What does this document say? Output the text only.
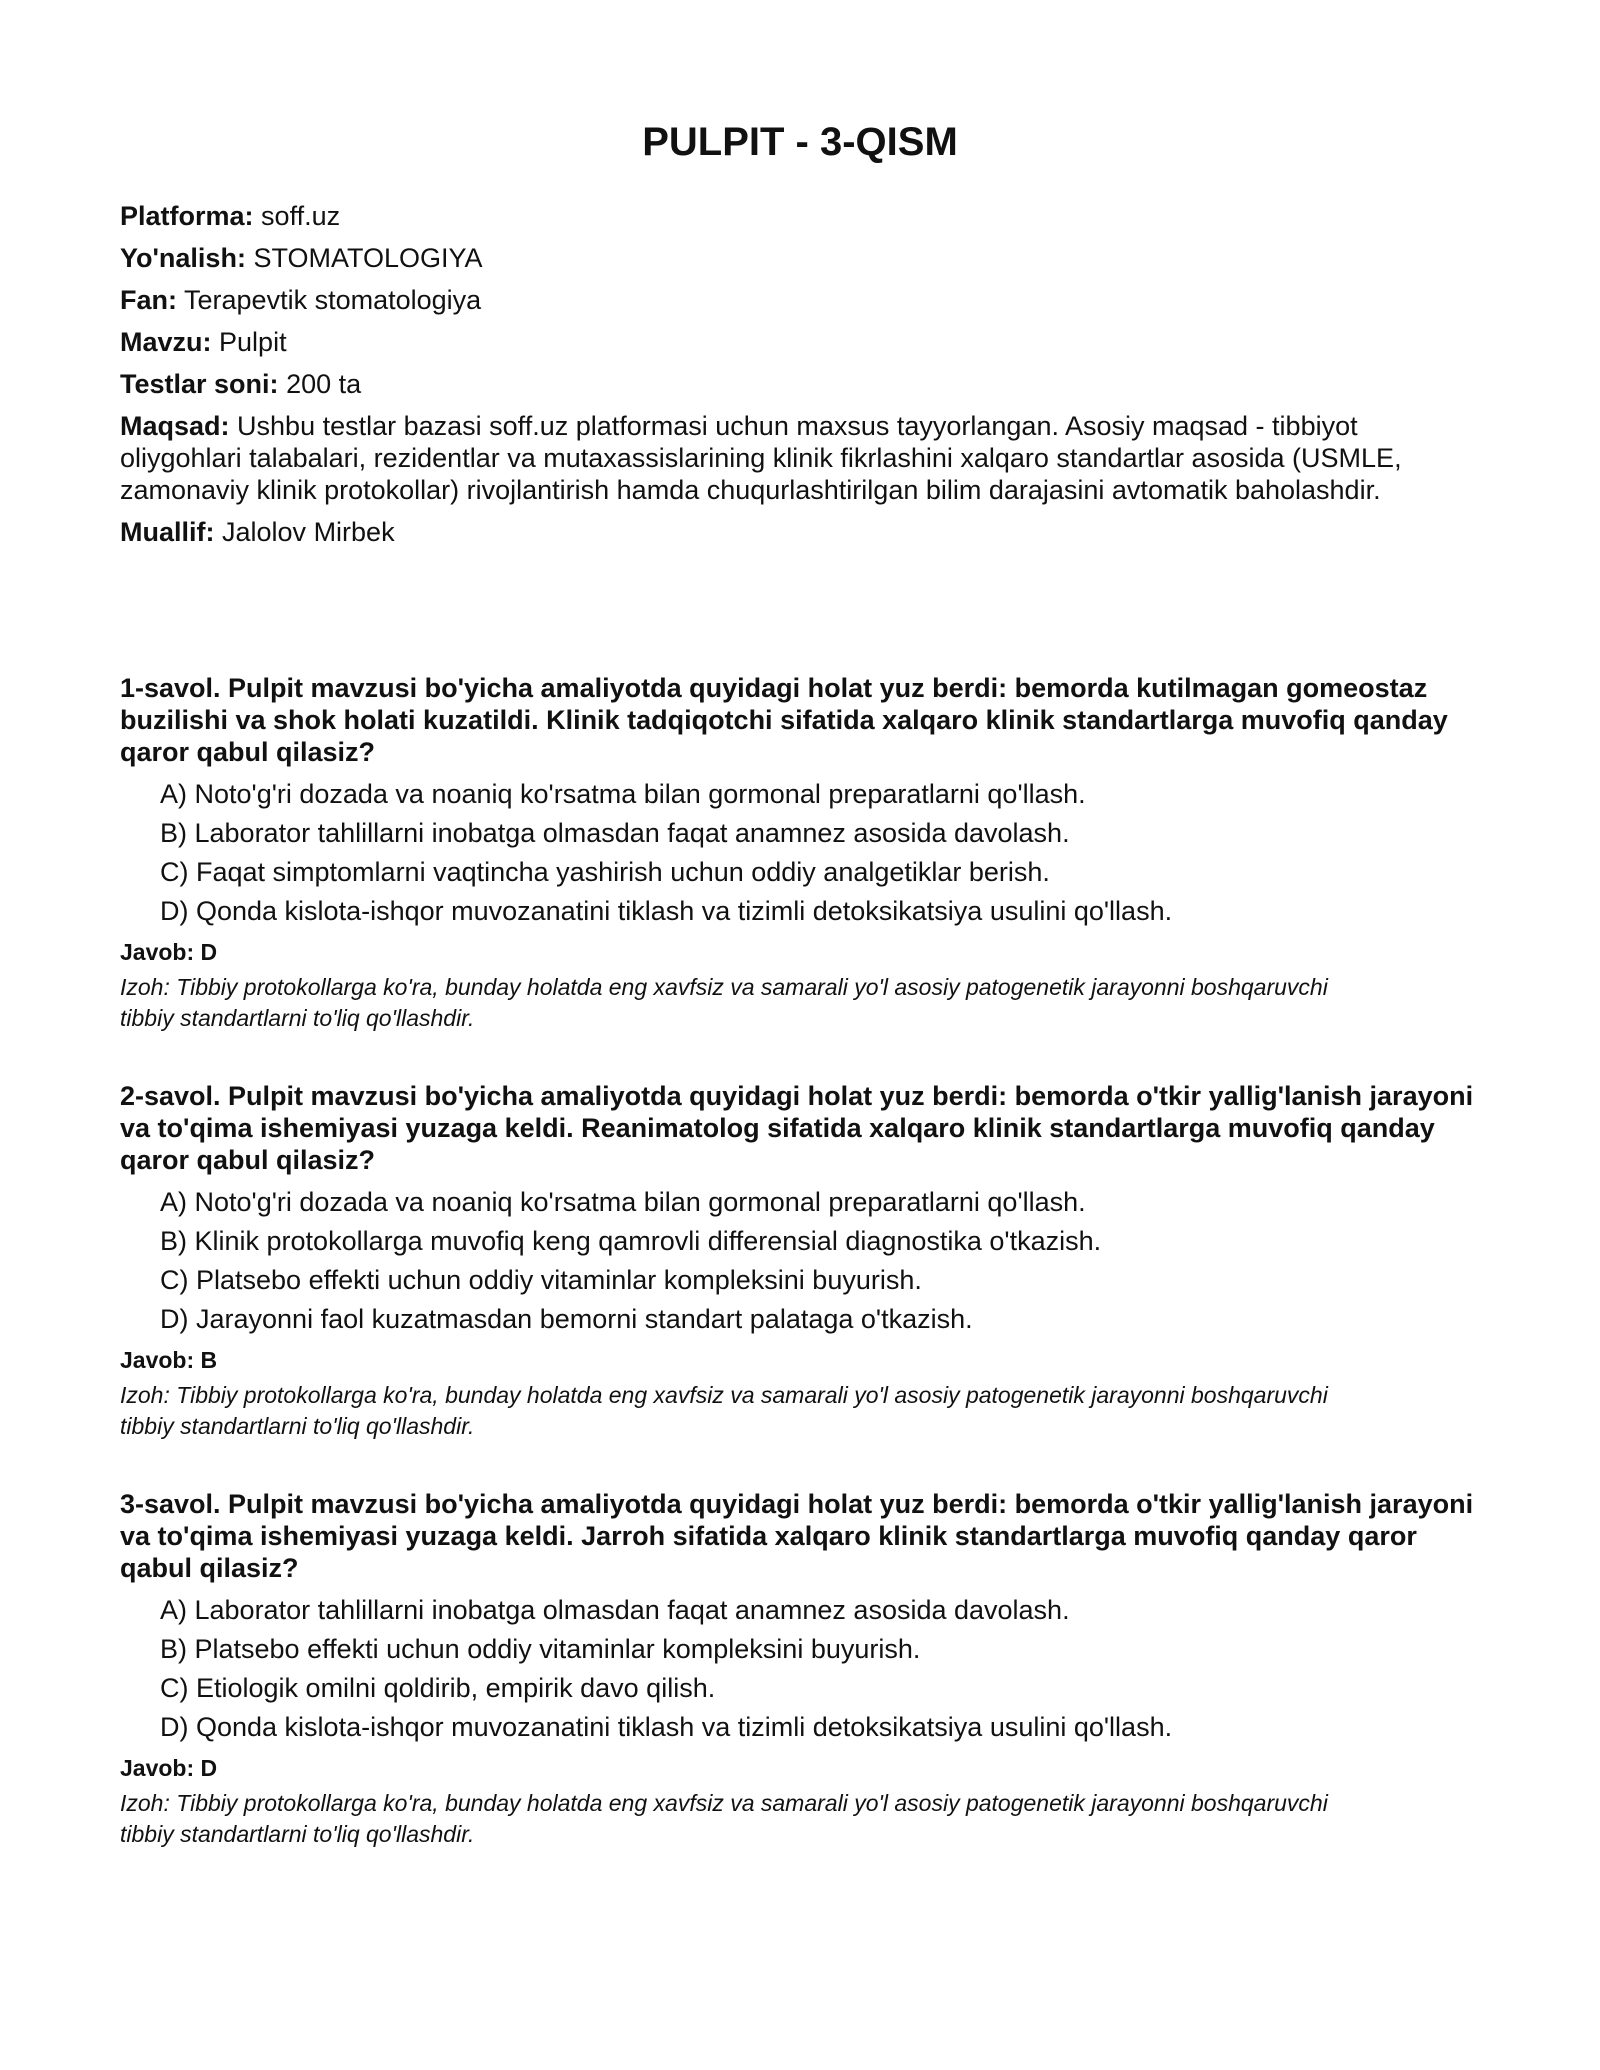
PULPIT - 3-QISM
Platforma: soff.uz
Yo'nalish: STOMATOLOGIYA
Fan: Terapevtik stomatologiya
Mavzu: Pulpit
Testlar soni: 200 ta
Maqsad: Ushbu testlar bazasi soff.uz platformasi uchun maxsus tayyorlangan. Asosiy maqsad - tibbiyot oliygohlari talabalari, rezidentlar va mutaxassislarining klinik fikrlashini xalqaro standartlar asosida (USMLE, zamonaviy klinik protokollar) rivojlantirish hamda chuqurlashtirilgan bilim darajasini avtomatik baholashdir.
Muallif: Jalolov Mirbek

1-savol. Pulpit mavzusi bo'yicha amaliyotda quyidagi holat yuz berdi: bemorda kutilmagan gomeostaz buzilishi va shok holati kuzatildi. Klinik tadqiqotchi sifatida xalqaro klinik standartlarga muvofiq qanday qaror qabul qilasiz?

A) Noto'g'ri dozada va noaniq ko'rsatma bilan gormonal preparatlarni qo'llash.
B) Laborator tahlillarni inobatga olmasdan faqat anamnez asosida davolash.
C) Faqat simptomlarni vaqtincha yashirish uchun oddiy analgetiklar berish.
D) Qonda kislota-ishqor muvozanatini tiklash va tizimli detoksikatsiya usulini qo'llash.
Javob: D
Izoh: Tibbiy protokollarga ko'ra, bunday holatda eng xavfsiz va samarali yo'l asosiy patogenetik jarayonni boshqaruvchi tibbiy standartlarni to'liq qo'llashdir.

2-savol. Pulpit mavzusi bo'yicha amaliyotda quyidagi holat yuz berdi: bemorda o'tkir yallig'lanish jarayoni va to'qima ishemiyasi yuzaga keldi. Reanimatolog sifatida xalqaro klinik standartlarga muvofiq qanday qaror qabul qilasiz?

A) Noto'g'ri dozada va noaniq ko'rsatma bilan gormonal preparatlarni qo'llash.
B) Klinik protokollarga muvofiq keng qamrovli differensial diagnostika o'tkazish.
C) Platsebo effekti uchun oddiy vitaminlar kompleksini buyurish.
D) Jarayonni faol kuzatmasdan bemorni standart palataga o'tkazish.
Javob: B
Izoh: Tibbiy protokollarga ko'ra, bunday holatda eng xavfsiz va samarali yo'l asosiy patogenetik jarayonni boshqaruvchi tibbiy standartlarni to'liq qo'llashdir.

3-savol. Pulpit mavzusi bo'yicha amaliyotda quyidagi holat yuz berdi: bemorda o'tkir yallig'lanish jarayoni va to'qima ishemiyasi yuzaga keldi. Jarroh sifatida xalqaro klinik standartlarga muvofiq qanday qaror qabul qilasiz?

A) Laborator tahlillarni inobatga olmasdan faqat anamnez asosida davolash.
B) Platsebo effekti uchun oddiy vitaminlar kompleksini buyurish.
C) Etiologik omilni qoldirib, empirik davo qilish.
D) Qonda kislota-ishqor muvozanatini tiklash va tizimli detoksikatsiya usulini qo'llash.
Javob: D
Izoh: Tibbiy protokollarga ko'ra, bunday holatda eng xavfsiz va samarali yo'l asosiy patogenetik jarayonni boshqaruvchi tibbiy standartlarni to'liq qo'llashdir.
